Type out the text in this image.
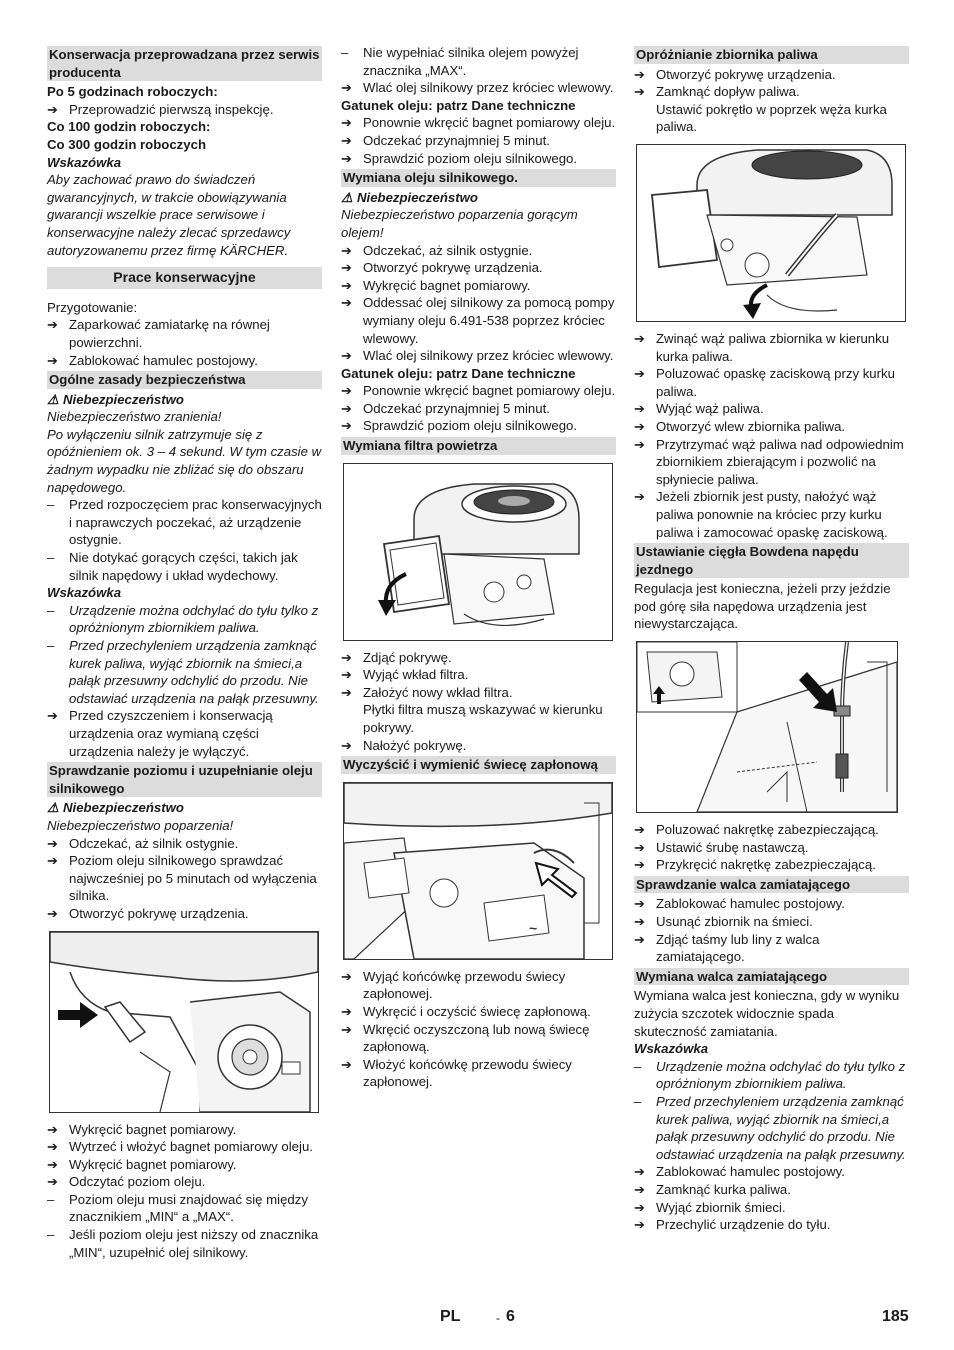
Konserwacja przeprowadzana przez serwis producenta
Po 5 godzinach roboczych:
➔ Przeprowadzić pierwszą inspekcję.
Co 100 godzin roboczych:
Co 300 godzin roboczych
Wskazówka
Aby zachować prawo do świadczeń gwarancyjnych, w trakcie obowiązywania gwarancji wszelkie prace serwisowe i konserwacyjne należy zlecać sprzedawcy autoryzowanemu przez firmę KÄRCHER.
Prace konserwacyjne
Przygotowanie:
➔ Zaparkować zamiatarkę na równej powierzchni.
➔ Zablokować hamulec postojowy.
Ogólne zasady bezpieczeństwa
⚠ Niebezpieczeństwo
Niebezpieczeństwo zranienia!
Po wyłączeniu silnik zatrzymuje się z opóźnieniem ok. 3 – 4 sekund. W tym czasie w żadnym wypadku nie zbliżać się do obszaru napędowego.
–	Przed rozpoczęciem prac konserwacyjnych i naprawczych poczekać, aż urządzenie ostygnie.
–	Nie dotykać gorących części, takich jak silnik napędowy i układ wydechowy.
Wskazówka
–	Urządzenie można odchylać do tyłu tylko z opróżnionym zbiornikiem paliwa.
–	Przed przechyleniem urządzenia zamknąć kurek paliwa, wyjąć zbiornik na śmieci,a pałąk przesuwny odchylić do przodu. Nie odstawiać urządzenia na pałąk przesuwny.
➔ Przed czyszczeniem i konserwacją urządzenia oraz wymianą części urządzenia należy je wyłączyć.
Sprawdzanie poziomu i uzupełnianie oleju silnikowego
⚠ Niebezpieczeństwo
Niebezpieczeństwo poparzenia!
➔ Odczekać, aż silnik ostygnie.
➔ Poziom oleju silnikowego sprawdzać najwcześniej po 5 minutach od wyłączenia silnika.
➔ Otworzyć pokrywę urządzenia.
➔ Wykręcić bagnet pomiarowy.
➔ Wytrzeć i włożyć bagnet pomiarowy oleju.
➔ Wykręcić bagnet pomiarowy.
➔ Odczytać poziom oleju.
–	Poziom oleju musi znajdować się między znacznikiem „MIN“ a „MAX“.
–	Jeśli poziom oleju jest niższy od znacznika „MIN“, uzupełnić olej silnikowy.
–	Nie wypełniać silnika olejem powyżej znacznika „MAX“.
➔ Wlać olej silnikowy przez króciec wlewowy.
Gatunek oleju: patrz Dane techniczne
➔ Ponownie wkręcić bagnet pomiarowy oleju.
➔ Odczekać przynajmniej 5 minut.
➔ Sprawdzić poziom oleju silnikowego.
Wymiana oleju silnikowego.
⚠ Niebezpieczeństwo
Niebezpieczeństwo poparzenia gorącym olejem!
➔ Odczekać, aż silnik ostygnie.
➔ Otworzyć pokrywę urządzenia.
➔ Wykręcić bagnet pomiarowy.
➔ Oddessać olej silnikowy za pomocą pompy wymiany oleju 6.491-538 poprzez króciec wlewowy.
➔ Wlać olej silnikowy przez króciec wlewowy.
Gatunek oleju: patrz Dane techniczne
➔ Ponownie wkręcić bagnet pomiarowy oleju.
➔ Odczekać przynajmniej 5 minut.
➔ Sprawdzić poziom oleju silnikowego.
Wymiana filtra powietrza
➔ Zdjąć pokrywę.
➔ Wyjąć wkład filtra.
➔ Założyć nowy wkład filtra.
Płytki filtra muszą wskazywać w kierunku pokrywy.
➔ Nałożyć pokrywę.
Wyczyścić i wymienić świecę zapłonową
~
➔ Wyjąć końcówkę przewodu świecy zapłonowej.
➔ Wykręcić i oczyścić świecę zapłonową.
➔ Wkręcić oczyszczoną lub nową świecę zapłonową.
➔ Włożyć końcówkę przewodu świecy zapłonowej.
Opróżnianie zbiornika paliwa
➔ Otworzyć pokrywę urządzenia.
➔ Zamknąć dopływ paliwa.
Ustawić pokrętło w poprzek węża kurka paliwa.
➔ Zwinąć wąż paliwa zbiornika w kierunku kurka paliwa.
➔ Poluzować opaskę zaciskową przy kurku paliwa.
➔ Wyjąć wąż paliwa.
➔ Otworzyć wlew zbiornika paliwa.
➔ Przytrzymać wąż paliwa nad odpowiednim zbiornikiem zbierającym i pozwolić na spłyniecie paliwa.
➔ Jeżeli zbiornik jest pusty, nałożyć wąż paliwa ponownie na króciec przy kurku paliwa i zamocować opaskę zaciskową.
Ustawianie cięgła Bowdena napędu jezdnego
Regulacja jest konieczna, jeżeli przy jeździe pod górę siła napędowa urządzenia jest niewystarczająca.
➔ Poluzować nakrętkę zabezpieczającą.
➔ Ustawić śrubę nastawczą.
➔ Przykręcić nakrętkę zabezpieczającą.
Sprawdzanie walca zamiatającego
➔ Zablokować hamulec postojowy.
➔ Usunąć zbiornik na śmieci.
➔ Zdjąć taśmy lub liny z walca zamiatającego.
Wymiana walca zamiatającego
Wymiana walca jest konieczna, gdy w wyniku zużycia szczotek widocznie spada skuteczność zamiatania.
Wskazówka
–	Urządzenie można odchylać do tyłu tylko z opróżnionym zbiornikiem paliwa.
–	Przed przechyleniem urządzenia zamknąć kurek paliwa, wyjąć zbiornik na śmieci,a pałąk przesuwny odchylić do przodu. Nie odstawiać urządzenia na pałąk przesuwny.
➔ Zablokować hamulec postojowy.
➔ Zamknąć kurka paliwa.
➔ Wyjąć zbiornik śmieci.
➔ Przechylić urządzenie do tyłu.
PL	- 6	185
